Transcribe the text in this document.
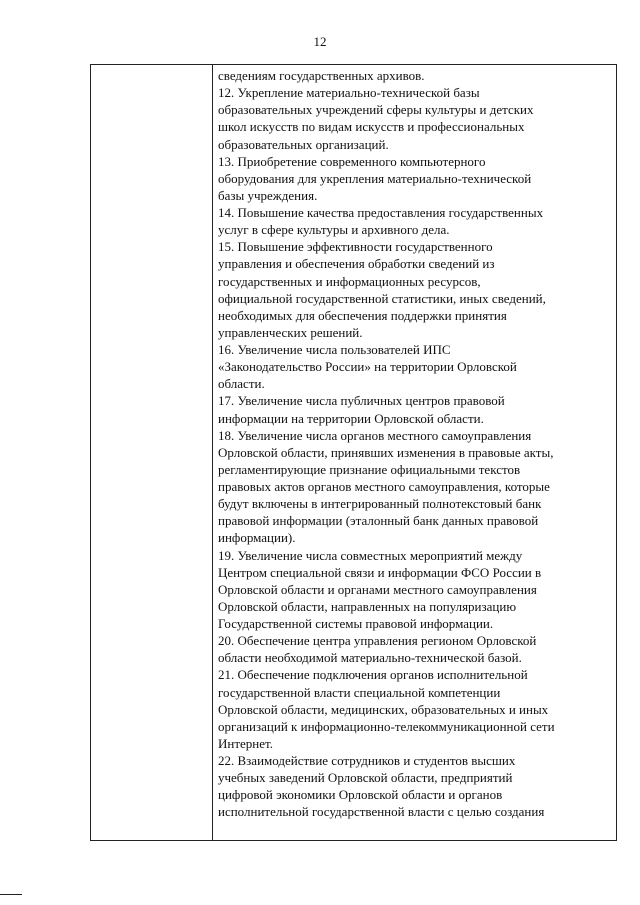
12
сведениям государственных архивов.
12. Укрепление материально-технической базы
образовательных учреждений сферы культуры и детских
школ искусств по видам искусств и профессиональных
образовательных организаций.
13. Приобретение современного компьютерного
оборудования для укрепления материально-технической
базы учреждения.
14. Повышение качества предоставления государственных
услуг в сфере культуры и архивного дела.
15. Повышение эффективности государственного
управления и обеспечения обработки сведений из
государственных и информационных ресурсов,
официальной государственной статистики, иных сведений,
необходимых для обеспечения поддержки принятия
управленческих решений.
16. Увеличение числа пользователей ИПС
«Законодательство России» на территории Орловской
области.
17. Увеличение числа публичных центров правовой
информации на территории Орловской области.
18. Увеличение числа органов местного самоуправления
Орловской области, принявших изменения в правовые акты,
регламентирующие признание официальными текстов
правовых актов органов местного самоуправления, которые
будут включены в интегрированный полнотекстовый банк
правовой информации (эталонный банк данных правовой
информации).
19. Увеличение числа совместных мероприятий между
Центром специальной связи и информации ФСО России в
Орловской области и органами местного самоуправления
Орловской области, направленных на популяризацию
Государственной системы правовой информации.
20. Обеспечение центра управления регионом Орловской
области необходимой материально-технической базой.
21. Обеспечение подключения органов исполнительной
государственной власти специальной компетенции
Орловской области, медицинских, образовательных и иных
организаций к информационно-телекоммуникационной сети
Интернет.
22. Взаимодействие сотрудников и студентов высших
учебных заведений Орловской области, предприятий
цифровой экономики Орловской области и органов
исполнительной государственной власти с целью создания
